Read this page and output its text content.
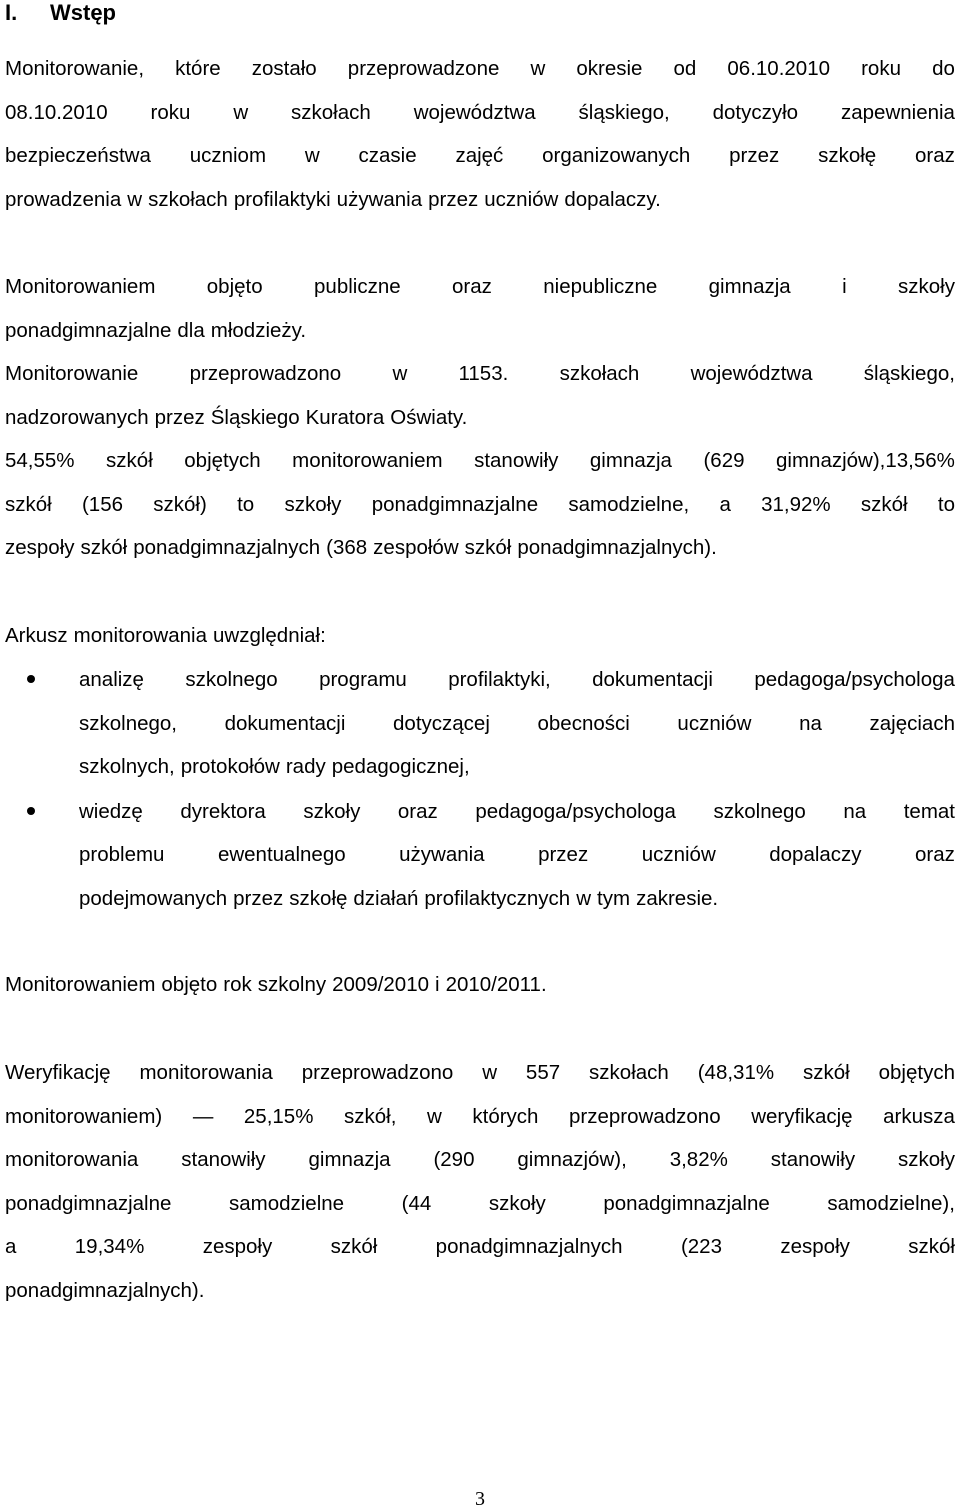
I. Wstęp
Monitorowanie, które zostało przeprowadzone w okresie od 06.10.2010 roku do
08.10.2010 roku w szkołach województwa śląskiego, dotyczyło zapewnienia
bezpieczeństwa uczniom w czasie zajęć organizowanych przez szkołę oraz
prowadzenia w szkołach profilaktyki używania przez uczniów dopalaczy.
Monitorowaniem	objęto	publiczne	oraz	niepubliczne	gimnazja	i	szkoły
ponadgimnazjalne dla młodzieży.
Monitorowanie	przeprowadzono	w	1153.	szkołach	województwa	śląskiego,
nadzorowanych przez Śląskiego Kuratora Oświaty.
54,55% szkół objętych monitorowaniem stanowiły gimnazja (629 gimnazjów),13,56%
szkół (156 szkół) to szkoły ponadgimnazjalne samodzielne, a 31,92% szkół to
zespoły szkół ponadgimnazjalnych (368 zespołów szkół ponadgimnazjalnych).
Arkusz monitorowania uwzględniał:
analizę szkolnego programu profilaktyki, dokumentacji pedagoga/psychologa
szkolnego, dokumentacji dotyczącej obecności uczniów na zajęciach
szkolnych, protokołów rady pedagogicznej,
wiedzę dyrektora szkoły oraz pedagoga/psychologa szkolnego na temat
problemu	ewentualnego	używania	przez	uczniów	dopalaczy	oraz
podejmowanych przez szkołę działań profilaktycznych w tym zakresie.
Monitorowaniem objęto rok szkolny 2009/2010 i 2010/2011.
Weryfikację monitorowania przeprowadzono w 557 szkołach (48,31% szkół objętych
monitorowaniem) — 25,15% szkół, w których przeprowadzono weryfikację arkusza
monitorowania stanowiły gimnazja (290 gimnazjów), 3,82% stanowiły szkoły
ponadgimnazjalne	samodzielne	(44	szkoły	ponadgimnazjalne	samodzielne),
a	19,34%	zespoły	szkół	ponadgimnazjalnych	(223	zespoły	szkół
ponadgimnazjalnych).
3
